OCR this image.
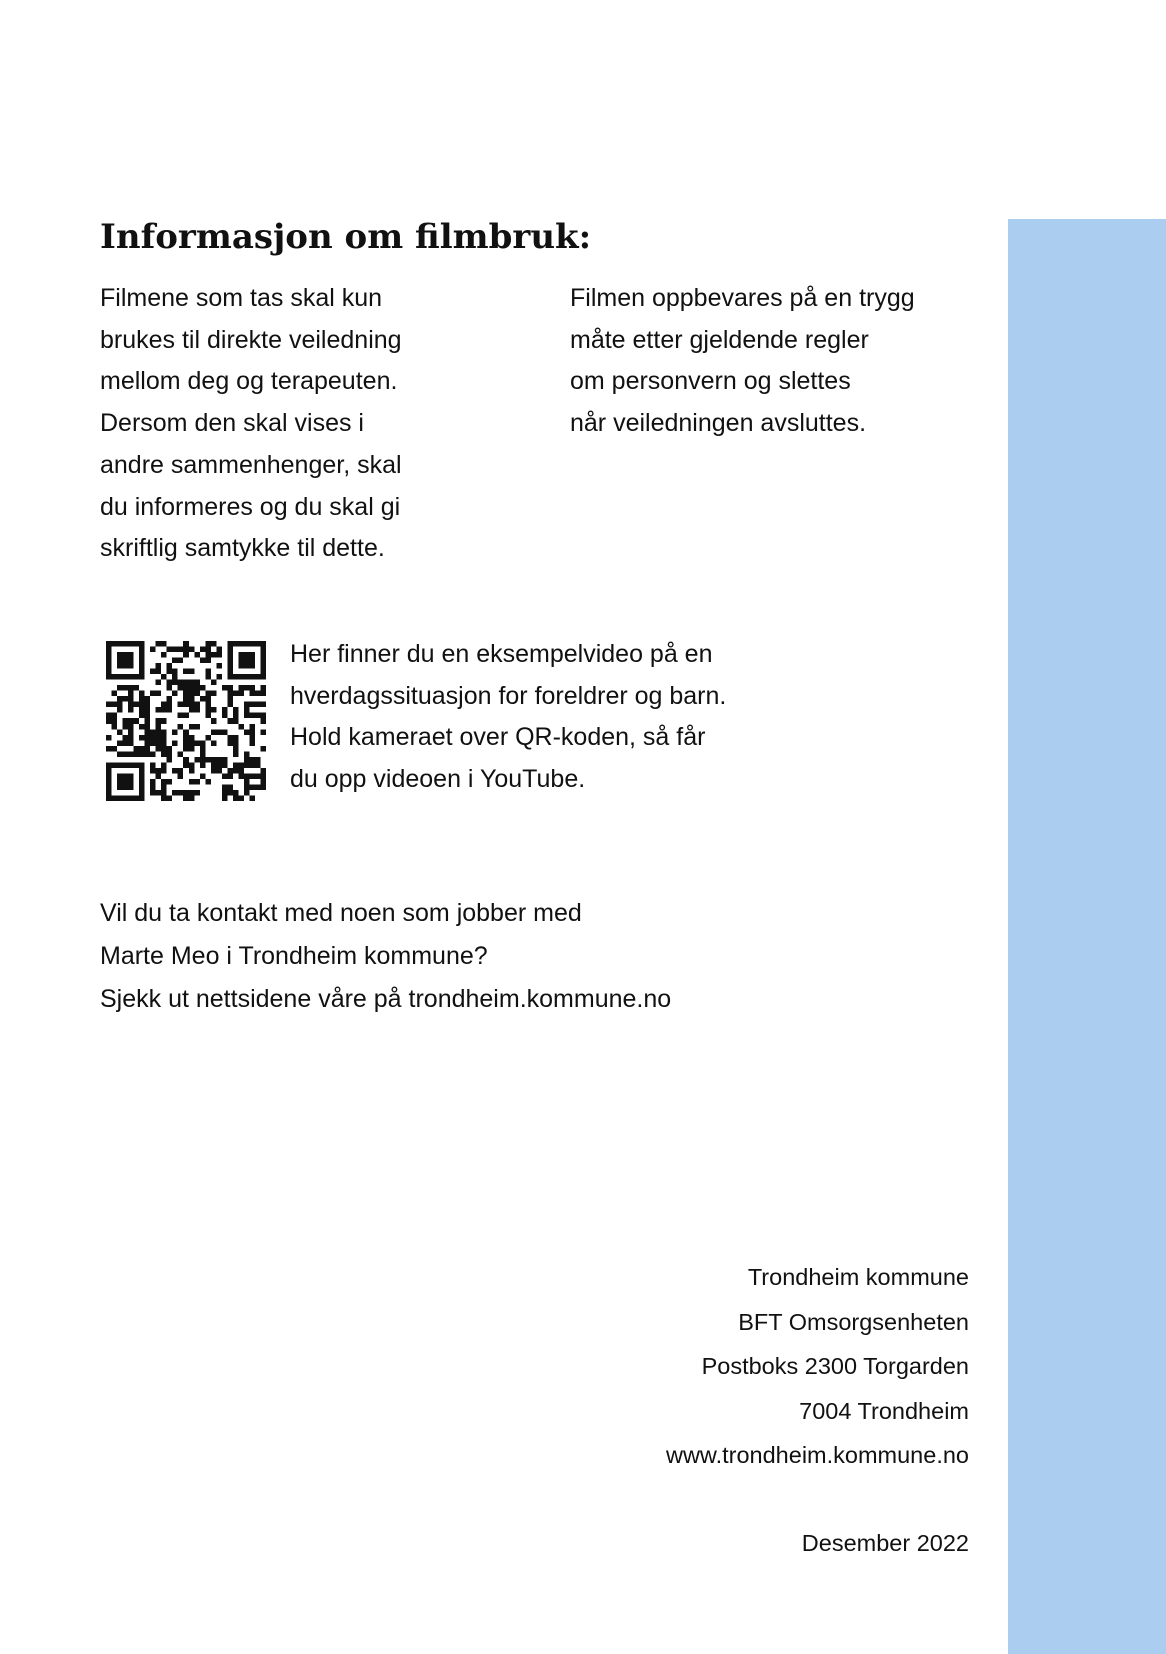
Informasjon om filmbruk:
Filmene som tas skal kun
brukes til direkte veiledning
mellom deg og terapeuten.
Dersom den skal vises i
andre sammenhenger, skal
du informeres og du skal gi
skriftlig samtykke til dette.
Filmen oppbevares på en trygg
måte etter gjeldende regler
om personvern og slettes
når veiledningen avsluttes.
Her finner du en eksempelvideo på en
hverdagssituasjon for foreldrer og barn.
Hold kameraet over QR-koden, så får
du opp videoen i YouTube.
Vil du ta kontakt med noen som jobber med
Marte Meo i Trondheim kommune?
Sjekk ut nettsidene våre på trondheim.kommune.no
Trondheim kommune
BFT Omsorgsenheten
Postboks 2300 Torgarden
7004 Trondheim
www.trondheim.kommune.no
Desember 2022
